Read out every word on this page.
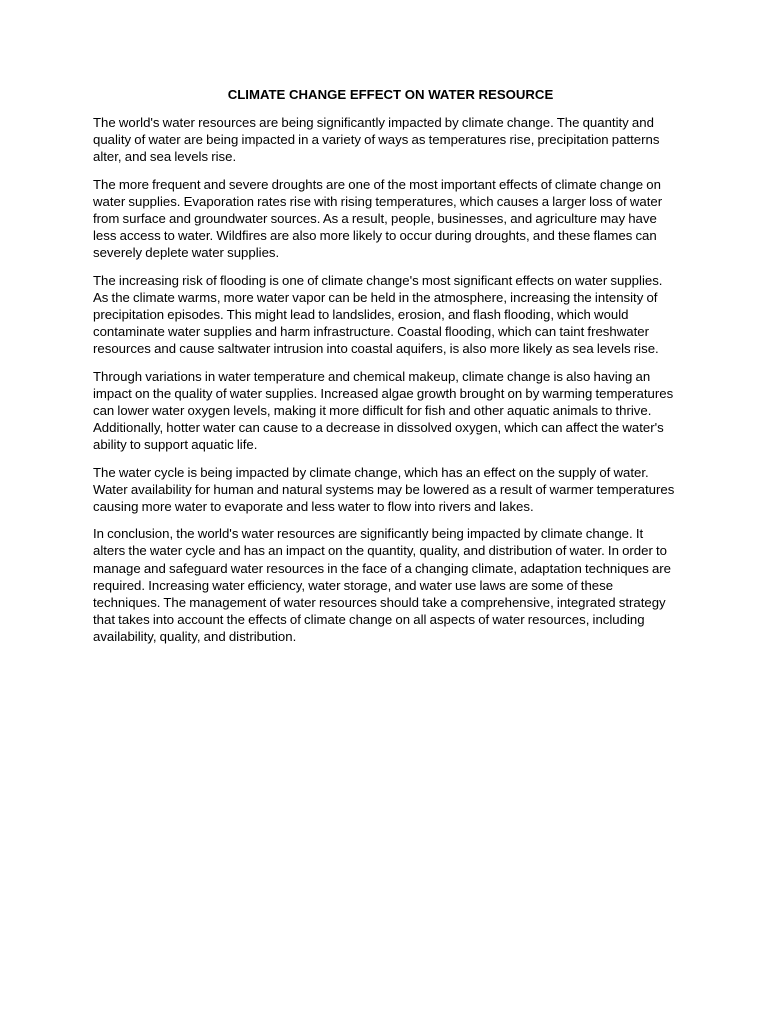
CLIMATE CHANGE EFFECT ON WATER RESOURCE

The world's water resources are being significantly impacted by climate change. The quantity and quality of water are being impacted in a variety of ways as temperatures rise, precipitation patterns alter, and sea levels rise.

The more frequent and severe droughts are one of the most important effects of climate change on water supplies. Evaporation rates rise with rising temperatures, which causes a larger loss of water from surface and groundwater sources. As a result, people, businesses, and agriculture may have less access to water. Wildfires are also more likely to occur during droughts, and these flames can severely deplete water supplies.

The increasing risk of flooding is one of climate change's most significant effects on water supplies. As the climate warms, more water vapor can be held in the atmosphere, increasing the intensity of precipitation episodes. This might lead to landslides, erosion, and flash flooding, which would contaminate water supplies and harm infrastructure. Coastal flooding, which can taint freshwater resources and cause saltwater intrusion into coastal aquifers, is also more likely as sea levels rise.

Through variations in water temperature and chemical makeup, climate change is also having an impact on the quality of water supplies. Increased algae growth brought on by warming temperatures can lower water oxygen levels, making it more difficult for fish and other aquatic animals to thrive. Additionally, hotter water can cause to a decrease in dissolved oxygen, which can affect the water's ability to support aquatic life.

The water cycle is being impacted by climate change, which has an effect on the supply of water. Water availability for human and natural systems may be lowered as a result of warmer temperatures causing more water to evaporate and less water to flow into rivers and lakes.

In conclusion, the world's water resources are significantly being impacted by climate change. It alters the water cycle and has an impact on the quantity, quality, and distribution of water. In order to manage and safeguard water resources in the face of a changing climate, adaptation techniques are required. Increasing water efficiency, water storage, and water use laws are some of these techniques. The management of water resources should take a comprehensive, integrated strategy that takes into account the effects of climate change on all aspects of water resources, including availability, quality, and distribution.
